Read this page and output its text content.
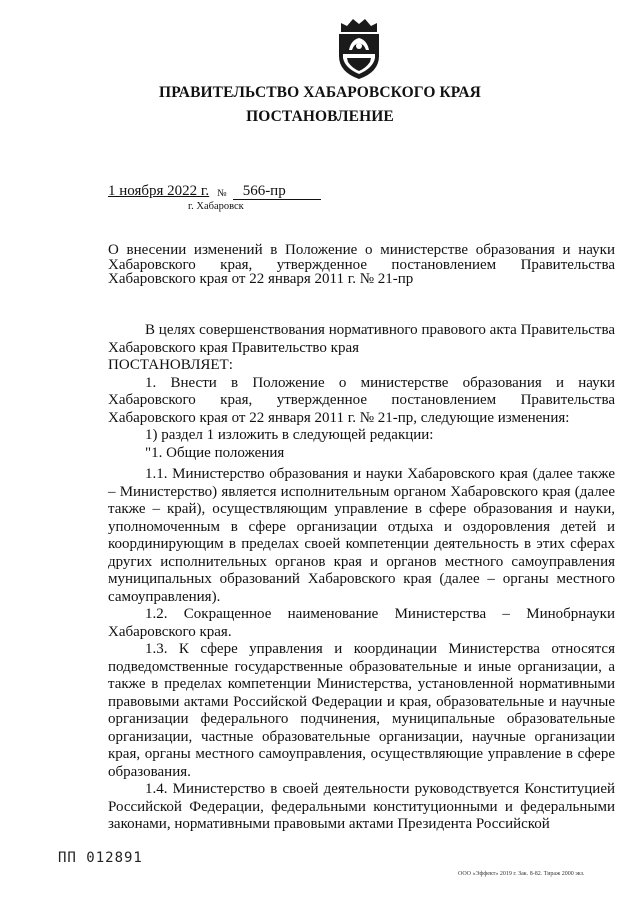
ПРАВИТЕЛЬСТВО ХАБАРОВСКОГО КРАЯ
ПОСТАНОВЛЕНИЕ
1 ноября 2022 г. № 566-пр
г. Хабаровск
О внесении изменений в Положение о министерстве образования и науки Хабаровского края, утвержденное постановлением Правительства Хабаровского края от 22 января 2011 г. № 21-пр

В целях совершенствования нормативного правового акта Правительства Хабаровского края Правительство края

ПОСТАНОВЛЯЕТ:

1. Внести в Положение о министерстве образования и науки Хабаровского края, утвержденное постановлением Правительства Хабаровского края от 22 января 2011 г. № 21-пр, следующие изменения:

1) раздел 1 изложить в следующей редакции:

"1. Общие положения

1.1. Министерство образования и науки Хабаровского края (далее также – Министерство) является исполнительным органом Хабаровского края (далее также – край), осуществляющим управление в сфере образования и науки, уполномоченным в сфере организации отдыха и оздоровления детей и координирующим в пределах своей компетенции деятельность в этих сферах других исполнительных органов края и органов местного самоуправления муниципальных образований Хабаровского края (далее – органы местного самоуправления).

1.2. Сокращенное наименование Министерства – Минобрнауки Хабаровского края.

1.3. К сфере управления и координации Министерства относятся подведомственные государственные образовательные и иные организации, а также в пределах компетенции Министерства, установленной нормативными правовыми актами Российской Федерации и края, образовательные и научные организации федерального подчинения, муниципальные образовательные организации, частные образовательные организации, научные организации края, органы местного самоуправления, осуществляющие управление в сфере образования.

1.4. Министерство в своей деятельности руководствуется Конституцией Российской Федерации, федеральными конституционными и федеральными законами, нормативными правовыми актами Президента Российской

ПП 012891
ООО «Эффект» 2019 г. Зак. 8-82. Тираж 2000 экз.
